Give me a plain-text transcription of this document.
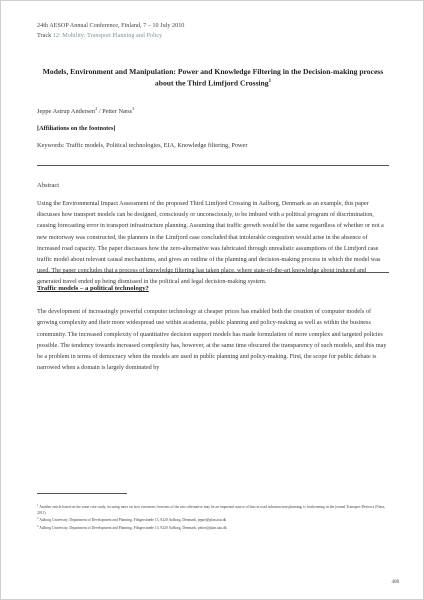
24th AESOP Annual Conference, Finland, 7 – 10 July 2010
Track 12: Mobility: Transport Planning and Policy
Models, Environment and Manipulation: Power and Knowledge Filtering in the Decision-making process about the Third Limfjord Crossing$^1$
Jeppe Astrup Andersen$^2$ / Petter Næss$^3$
[Affiliations on the footnotes]
Keywords: Traffic models, Political technologies, EIA, Knowledge filtering, Power
Abstract
Using the Environmental Impact Assessment of the proposed Third Limfjord Crossing in Aalborg, Denmark as an example, this paper discusses how transport models can be designed, consciously or unconsciously, to be imbued with a political program of discrimination, causing forecasting error in transport infrastructure planning. Assuming that traffic growth would be the same regardless of whether or not a new motorway was constructed, the planners in the Limfjord case concluded that intolerable congestion would arise in the absence of increased road capacity. The paper discusses how the zero-alternative was fabricated through unrealistic assumptions of the Limfjord case traffic model about relevant causal mechanisms, and gives an outline of the planning and decision-making process in which the model was used. The paper concludes that a process of knowledge filtering has taken place, where state-of-the-art knowledge about induced and generated travel ended up being dismissed in the political and legal decision-making system.
Traffic models – a political technology?
The development of increasingly powerful computer technology at cheaper prices has enabled both the creation of computer models of growing complexity and their more widespread use within academia, public planning and policy-making as well as within the business community. The increased complexity of quantitative decision support models has made formulation of more complex and targeted policies possible. The tendency towards increased complexity has, however, at the same time obscured the transparency of such models, and this may be a problem in terms of democracy when the models are used in public planning and policy-making. First, the scope for public debate is narrowed when a domain is largely dominated by
$^1$ Another article based on the same case study, focusing more on how erroneous forecasts of the zero alternative may be an important source of bias in road infrastructure planning, is forthcoming in the journal Transport Reviews (Næss, 2011).
$^2$ Aalborg University, Department of Development and Planning, Fibigerstræde 13, 9220 Aalborg, Denmark, jeppe@plan.aau.dk
$^3$ Aalborg University, Department of Development and Planning, Fibigerstræde 13, 9220 Aalborg, Denmark, petter@plan.aau.dk
408
